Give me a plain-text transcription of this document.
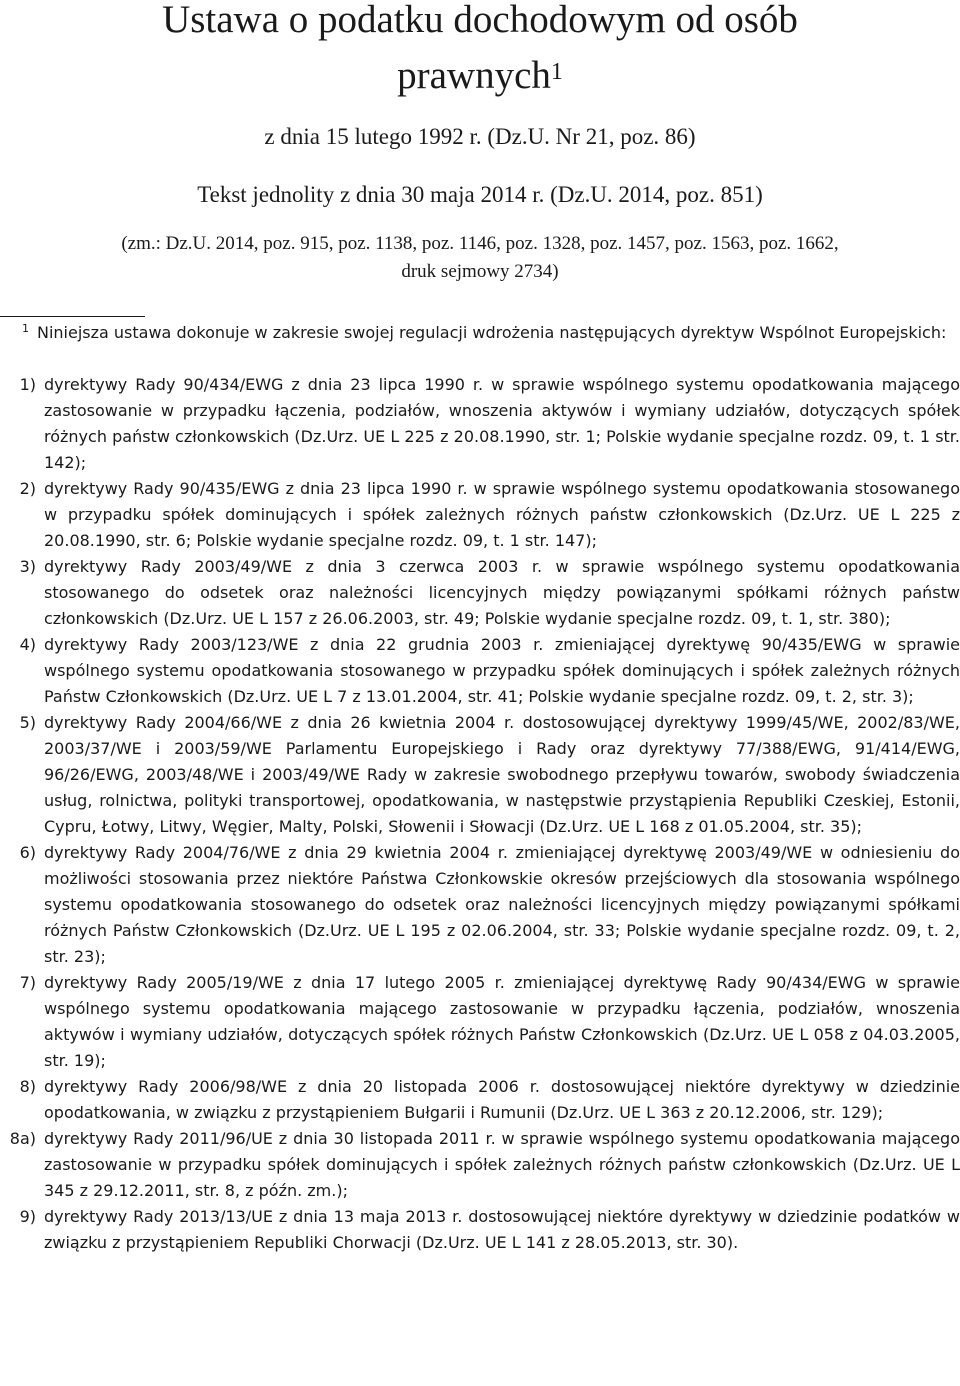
Ustawa o podatku dochodowym od osób
prawnych$^1$

z dnia 15 lutego 1992 r. (Dz.U. Nr 21, poz. 86)

Tekst jednolity z dnia 30 maja 2014 r. (Dz.U. 2014, poz. 851)

(zm.: Dz.U. 2014, poz. 915, poz. 1138, poz. 1146, poz. 1328, poz. 1457, poz. 1563, poz. 1662,
druk sejmowy 2734)

$^1$ Niniejsza ustawa dokonuje w zakresie swojej regulacji wdrożenia następujących dyrektyw Wspólnot Europejskich:

1) dyrektywy Rady 90/434/EWG z dnia 23 lipca 1990 r. w sprawie wspólnego systemu opodatkowania mającego zastosowanie w przypadku łączenia, podziałów, wnoszenia aktywów i wymiany udziałów, dotyczących spółek różnych państw członkowskich (Dz.Urz. UE L 225 z 20.08.1990, str. 1; Polskie wydanie specjalne rozdz. 09, t. 1 str. 142);

2) dyrektywy Rady 90/435/EWG z dnia 23 lipca 1990 r. w sprawie wspólnego systemu opodatkowania stosowanego w przypadku spółek dominujących i spółek zależnych różnych państw członkowskich (Dz.Urz. UE L 225 z 20.08.1990, str. 6; Polskie wydanie specjalne rozdz. 09, t. 1 str. 147);

3) dyrektywy Rady 2003/49/WE z dnia 3 czerwca 2003 r. w sprawie wspólnego systemu opodatkowania stosowanego do odsetek oraz należności licencyjnych między powiązanymi spółkami różnych państw członkowskich (Dz.Urz. UE L 157 z 26.06.2003, str. 49; Polskie wydanie specjalne rozdz. 09, t. 1, str. 380);

4) dyrektywy Rady 2003/123/WE z dnia 22 grudnia 2003 r. zmieniającej dyrektywę 90/435/EWG w sprawie wspólnego systemu opodatkowania stosowanego w przypadku spółek dominujących i spółek zależnych różnych Państw Członkowskich (Dz.Urz. UE L 7 z 13.01.2004, str. 41; Polskie wydanie specjalne rozdz. 09, t. 2, str. 3);

5) dyrektywy Rady 2004/66/WE z dnia 26 kwietnia 2004 r. dostosowującej dyrektywy 1999/45/WE, 2002/83/WE, 2003/37/WE i 2003/59/WE Parlamentu Europejskiego i Rady oraz dyrektywy 77/388/EWG, 91/414/EWG, 96/26/EWG, 2003/48/WE i 2003/49/WE Rady w zakresie swobodnego przepływu towarów, swobody świadczenia usług, rolnictwa, polityki transportowej, opodatkowania, w następstwie przystąpienia Republiki Czeskiej, Estonii, Cypru, Łotwy, Litwy, Węgier, Malty, Polski, Słowenii i Słowacji (Dz.Urz. UE L 168 z 01.05.2004, str. 35);

6) dyrektywy Rady 2004/76/WE z dnia 29 kwietnia 2004 r. zmieniającej dyrektywę 2003/49/WE w odniesieniu do możliwości stosowania przez niektóre Państwa Członkowskie okresów przejściowych dla stosowania wspólnego systemu opodatkowania stosowanego do odsetek oraz należności licencyjnych między powiązanymi spółkami różnych Państw Członkowskich (Dz.Urz. UE L 195 z 02.06.2004, str. 33; Polskie wydanie specjalne rozdz. 09, t. 2, str. 23);

7) dyrektywy Rady 2005/19/WE z dnia 17 lutego 2005 r. zmieniającej dyrektywę Rady 90/434/EWG w sprawie wspólnego systemu opodatkowania mającego zastosowanie w przypadku łączenia, podziałów, wnoszenia aktywów i wymiany udziałów, dotyczących spółek różnych Państw Członkowskich (Dz.Urz. UE L 058 z 04.03.2005, str. 19);

8) dyrektywy Rady 2006/98/WE z dnia 20 listopada 2006 r. dostosowującej niektóre dyrektywy w dziedzinie opodatkowania, w związku z przystąpieniem Bułgarii i Rumunii (Dz.Urz. UE L 363 z 20.12.2006, str. 129);

8a) dyrektywy Rady 2011/96/UE z dnia 30 listopada 2011 r. w sprawie wspólnego systemu opodatkowania mającego zastosowanie w przypadku spółek dominujących i spółek zależnych różnych państw członkowskich (Dz.Urz. UE L 345 z 29.12.2011, str. 8, z późn. zm.);

9) dyrektywy Rady 2013/13/UE z dnia 13 maja 2013 r. dostosowującej niektóre dyrektywy w dziedzinie podatków w związku z przystąpieniem Republiki Chorwacji (Dz.Urz. UE L 141 z 28.05.2013, str. 30).
